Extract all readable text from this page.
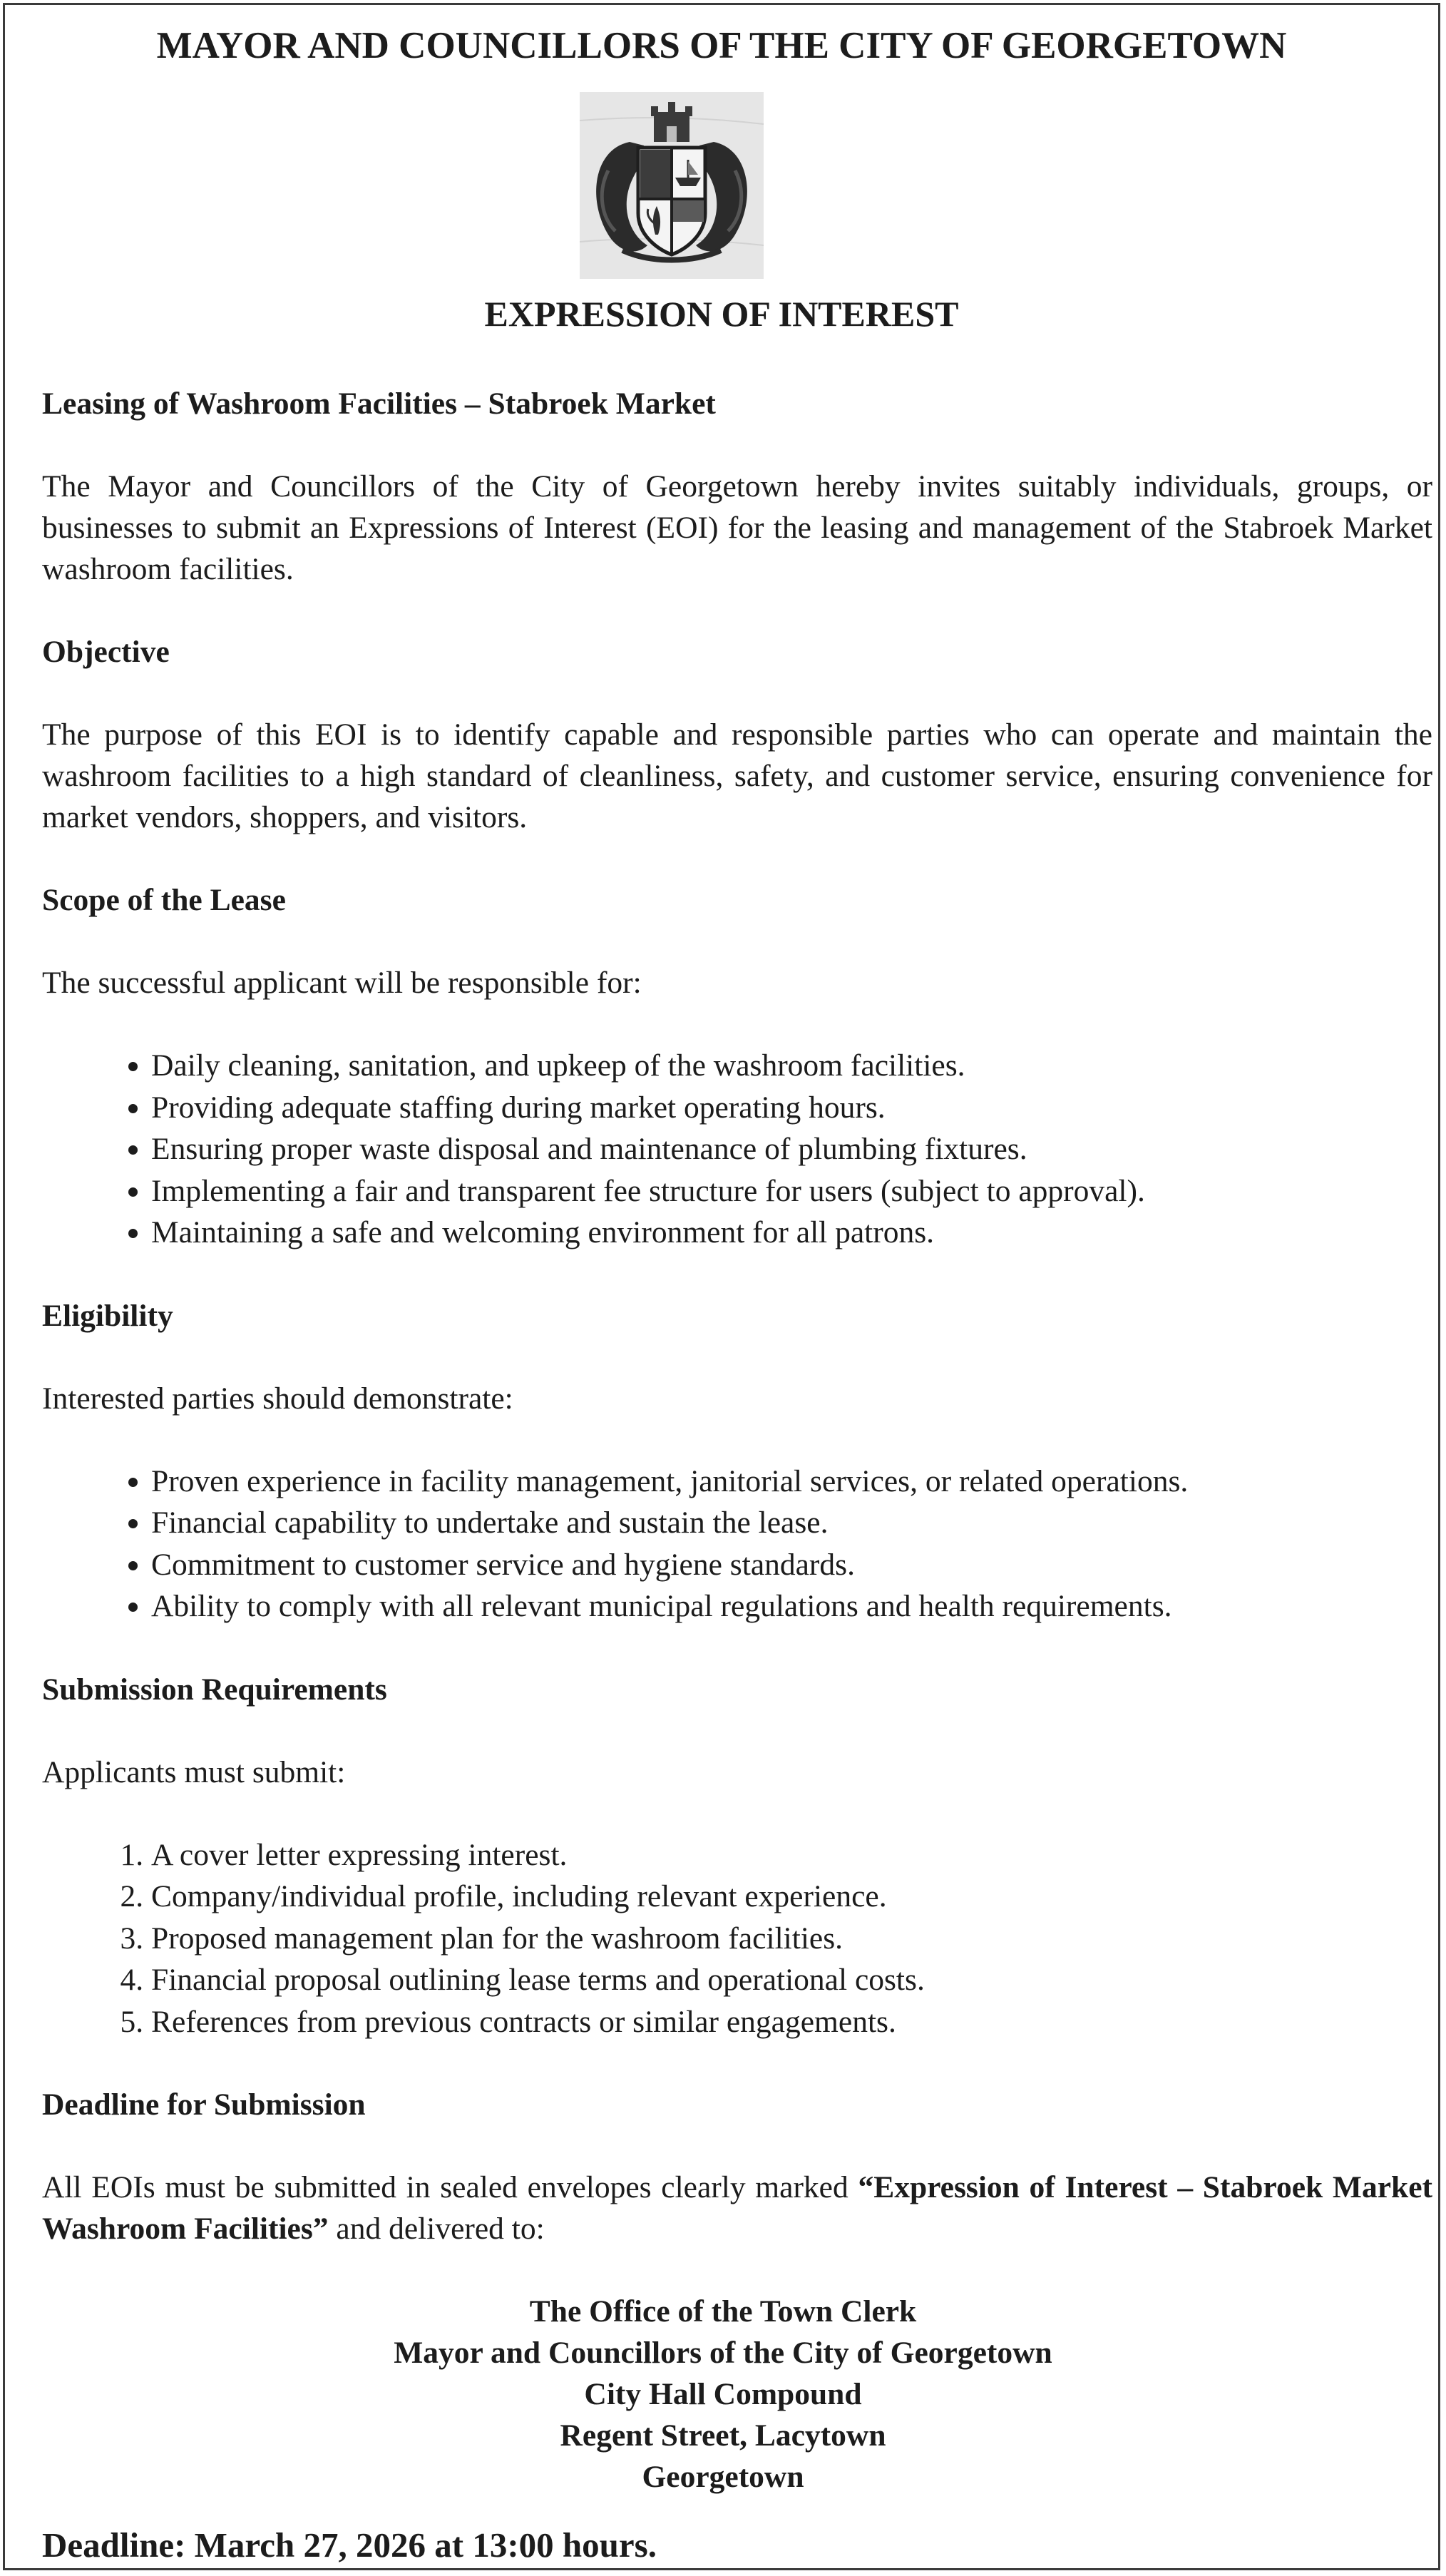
MAYOR AND COUNCILLORS OF THE CITY OF GEORGETOWN
EXPRESSION OF INTEREST
Leasing of Washroom Facilities – Stabroek Market

The Mayor and Councillors of the City of Georgetown hereby invites suitably individuals, groups, or businesses to submit an Expressions of Interest (EOI) for the leasing and management of the Stabroek Market washroom facilities.

Objective

The purpose of this EOI is to identify capable and responsible parties who can operate and maintain the washroom facilities to a high standard of cleanliness, safety, and customer service, ensuring convenience for market vendors, shoppers, and visitors.

Scope of the Lease

The successful applicant will be responsible for:

• Daily cleaning, sanitation, and upkeep of the washroom facilities.
• Providing adequate staffing during market operating hours.
• Ensuring proper waste disposal and maintenance of plumbing fixtures.
• Implementing a fair and transparent fee structure for users (subject to approval).
• Maintaining a safe and welcoming environment for all patrons.
Eligibility

Interested parties should demonstrate:

• Proven experience in facility management, janitorial services, or related operations.
• Financial capability to undertake and sustain the lease.
• Commitment to customer service and hygiene standards.
• Ability to comply with all relevant municipal regulations and health requirements.
Submission Requirements

Applicants must submit:

1. A cover letter expressing interest.
2. Company/individual profile, including relevant experience.
3. Proposed management plan for the washroom facilities.
4. Financial proposal outlining lease terms and operational costs.
5. References from previous contracts or similar engagements.
Deadline for Submission

All EOIs must be submitted in sealed envelopes clearly marked “Expression of Interest – Stabroek Market Washroom Facilities” and delivered to:

The Office of the Town Clerk
Mayor and Councillors of the City of Georgetown
City Hall Compound
Regent Street, Lacytown
Georgetown

Deadline: March 27, 2026 at 13:00 hours.
